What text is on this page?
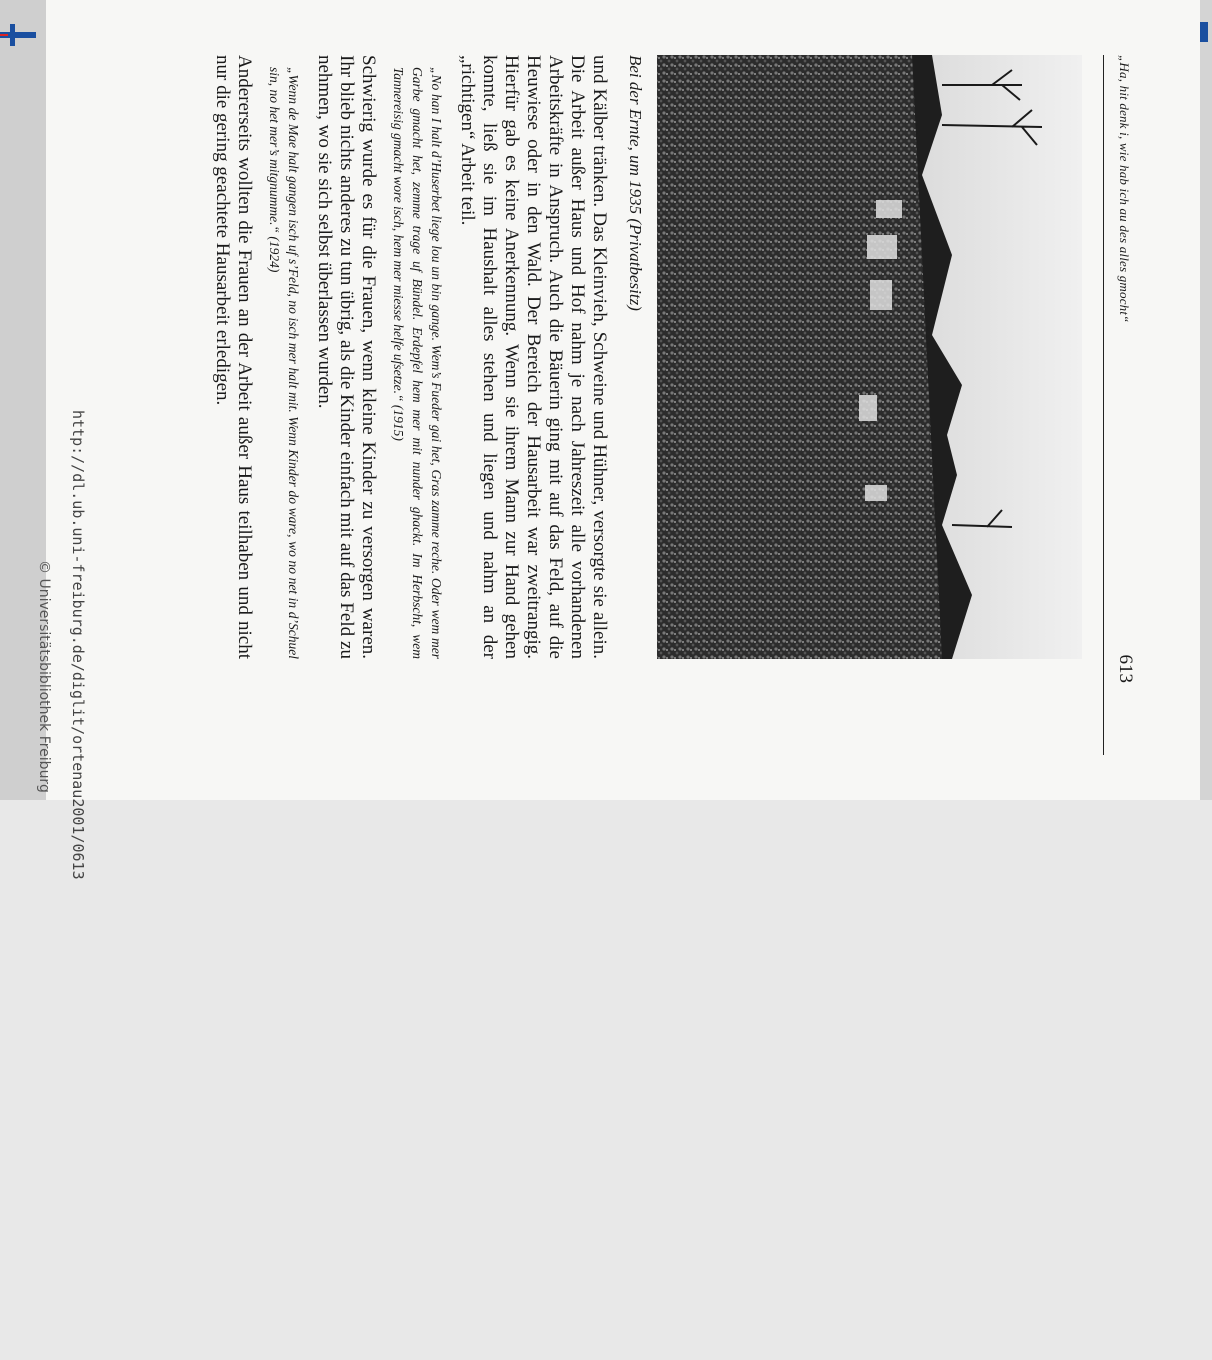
http://dl.ub.uni-freiburg.de/diglit/ortenau2001/0613
© Universitätsbibliothek Freiburg
„Ha, hit denk i, wie hab ich au des alles gmocht“
613
Bei der Ernte, um 1935 (Privatbesitz)

und Kälber tränken. Das Kleinvieh, Schweine und Hühner, versorgte sie allein. Die Arbeit außer Haus und Hof nahm je nach Jahreszeit alle vorhandenen Arbeitskräfte in Anspruch. Auch die Bäuerin ging mit auf das Feld, auf die Heuwiese oder in den Wald. Der Bereich der Hausarbeit war zweitrangig. Hierfür gab es keine Anerkennung. Wenn sie ihrem Mann zur Hand gehen konnte, ließ sie im Haushalt alles stehen und liegen und nahm an der „richtigen“ Arbeit teil.

„No han I halt d’Huserbet liege lou un bin gange. Wem’s Fueder gai het, Gras zamme reche. Oder wem mer Garbe gmacht het, zemme trage uf Bündel. Erdepfel hem mer mit nunder ghackt. Im Herbscht, wem Tannereisig gmacht wore isch, hem mer miesse helfe ufsetze.“ (1915)

Schwierig wurde es für die Frauen, wenn kleine Kinder zu versorgen waren. Ihr blieb nichts anderes zu tun übrig, als die Kinder einfach mit auf das Feld zu nehmen, wo sie sich selbst überlassen wurden.

„Wenn de Mae halt gangen isch uf s’Feld, no isch mer halt mit. Wenn Kinder do ware, wo no net in d’Schuel sin, no het mer’s mitgnumme.“ (1924)

Andererseits wollten die Frauen an der Arbeit außer Haus teilhaben und nicht nur die gering geachtete Hausarbeit erledigen.
